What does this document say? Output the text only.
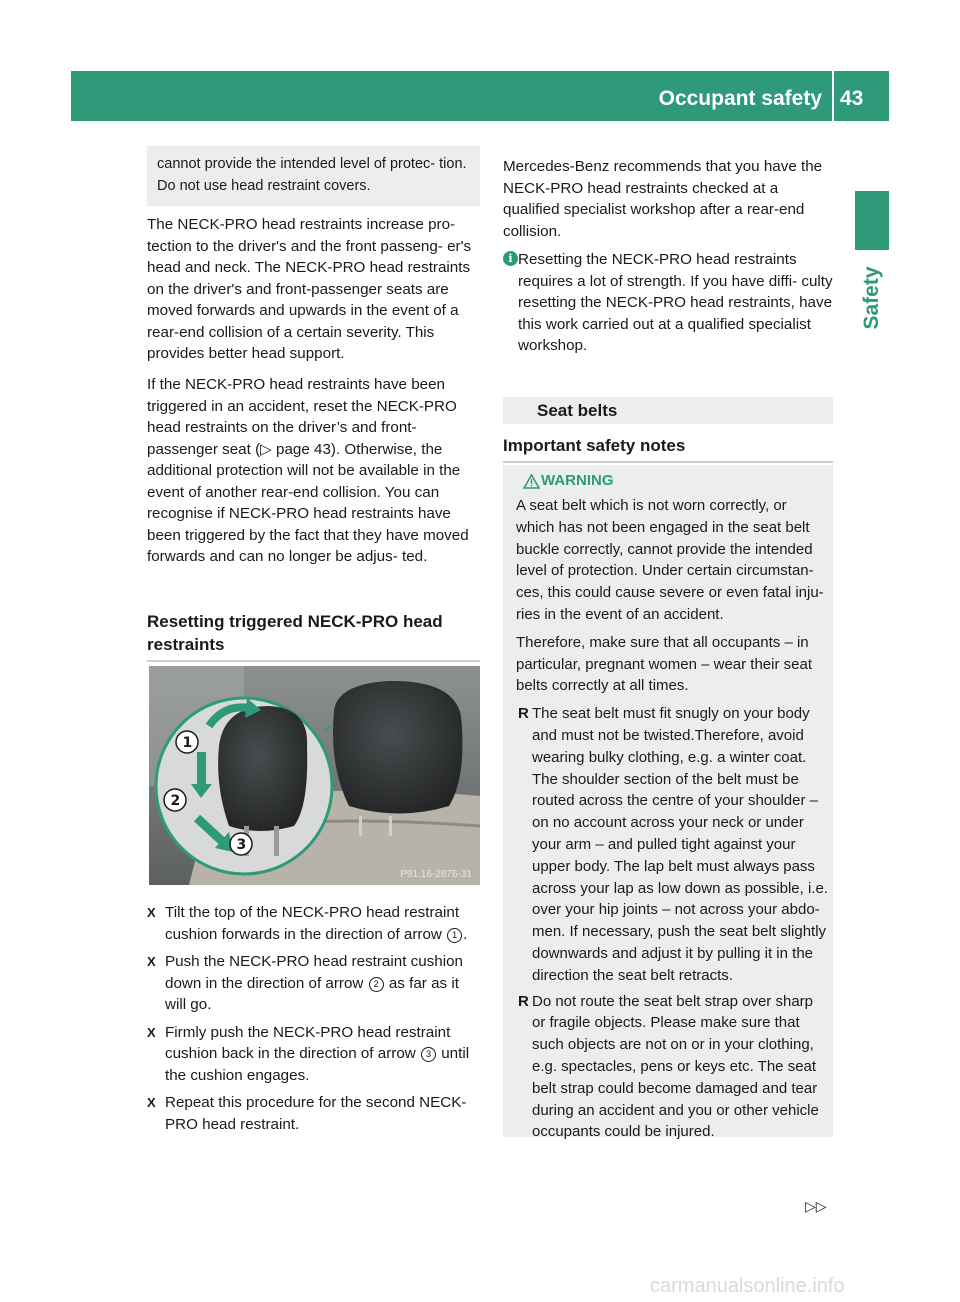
Occupant safety 43
Safety

cannot provide the intended level of protec- tion. Do not use head restraint covers.

The NECK-PRO head restraints increase pro- tection to the driver's and the front passeng- er's head and neck. The NECK-PRO head restraints on the driver's and front-passenger seats are moved forwards and upwards in the event of a rear-end collision of a certain severity. This provides better head support.

If the NECK-PRO head restraints have been triggered in an accident, reset the NECK-PRO head restraints on the driver’s and front- passenger seat (▷ page 43). Otherwise, the additional protection will not be available in the event of another rear-end collision. You can recognise if NECK-PRO head restraints have been triggered by the fact that they have moved forwards and can no longer be adjus- ted.

Resetting triggered NECK-PRO head restraints
1
2
3
P91.16-2876-31
X Tilt the top of the NECK-PRO head restraint cushion forwards in the direction of arrow 1 .
X Push the NECK-PRO head restraint cushion down in the direction of arrow 2 as far as it will go.
X Firmly push the NECK-PRO head restraint cushion back in the direction of arrow 3 until the cushion engages.
X Repeat this procedure for the second NECK-PRO head restraint.

Mercedes-Benz recommends that you have the NECK-PRO head restraints checked at a qualified specialist workshop after a rear-end collision.

i Resetting the NECK-PRO head restraints requires a lot of strength. If you have diffi- culty resetting the NECK-PRO head restraints, have this work carried out at a qualified specialist workshop.

Seat belts
Important safety notes
WARNING

A seat belt which is not worn correctly, or which has not been engaged in the seat belt buckle correctly, cannot provide the intended level of protection. Under certain circumstan- ces, this could cause severe or even fatal inju- ries in the event of an accident.

Therefore, make sure that all occupants – in particular, pregnant women – wear their seat belts correctly at all times.

R The seat belt must fit snugly on your body and must not be twisted.Therefore, avoid wearing bulky clothing, e.g. a winter coat. The shoulder section of the belt must be routed across the centre of your shoulder – on no account across your neck or under your arm – and pulled tight against your upper body. The lap belt must always pass across your lap as low down as possible, i.e. over your hip joints – not across your abdo- men. If necessary, push the seat belt slightly downwards and adjust it by pulling it in the direction the seat belt retracts.
R Do not route the seat belt strap over sharp or fragile objects. Please make sure that such objects are not on or in your clothing, e.g. spectacles, pens or keys etc. The seat belt strap could become damaged and tear during an accident and you or other vehicle occupants could be injured.
▷▷
carmanualsonline.info
